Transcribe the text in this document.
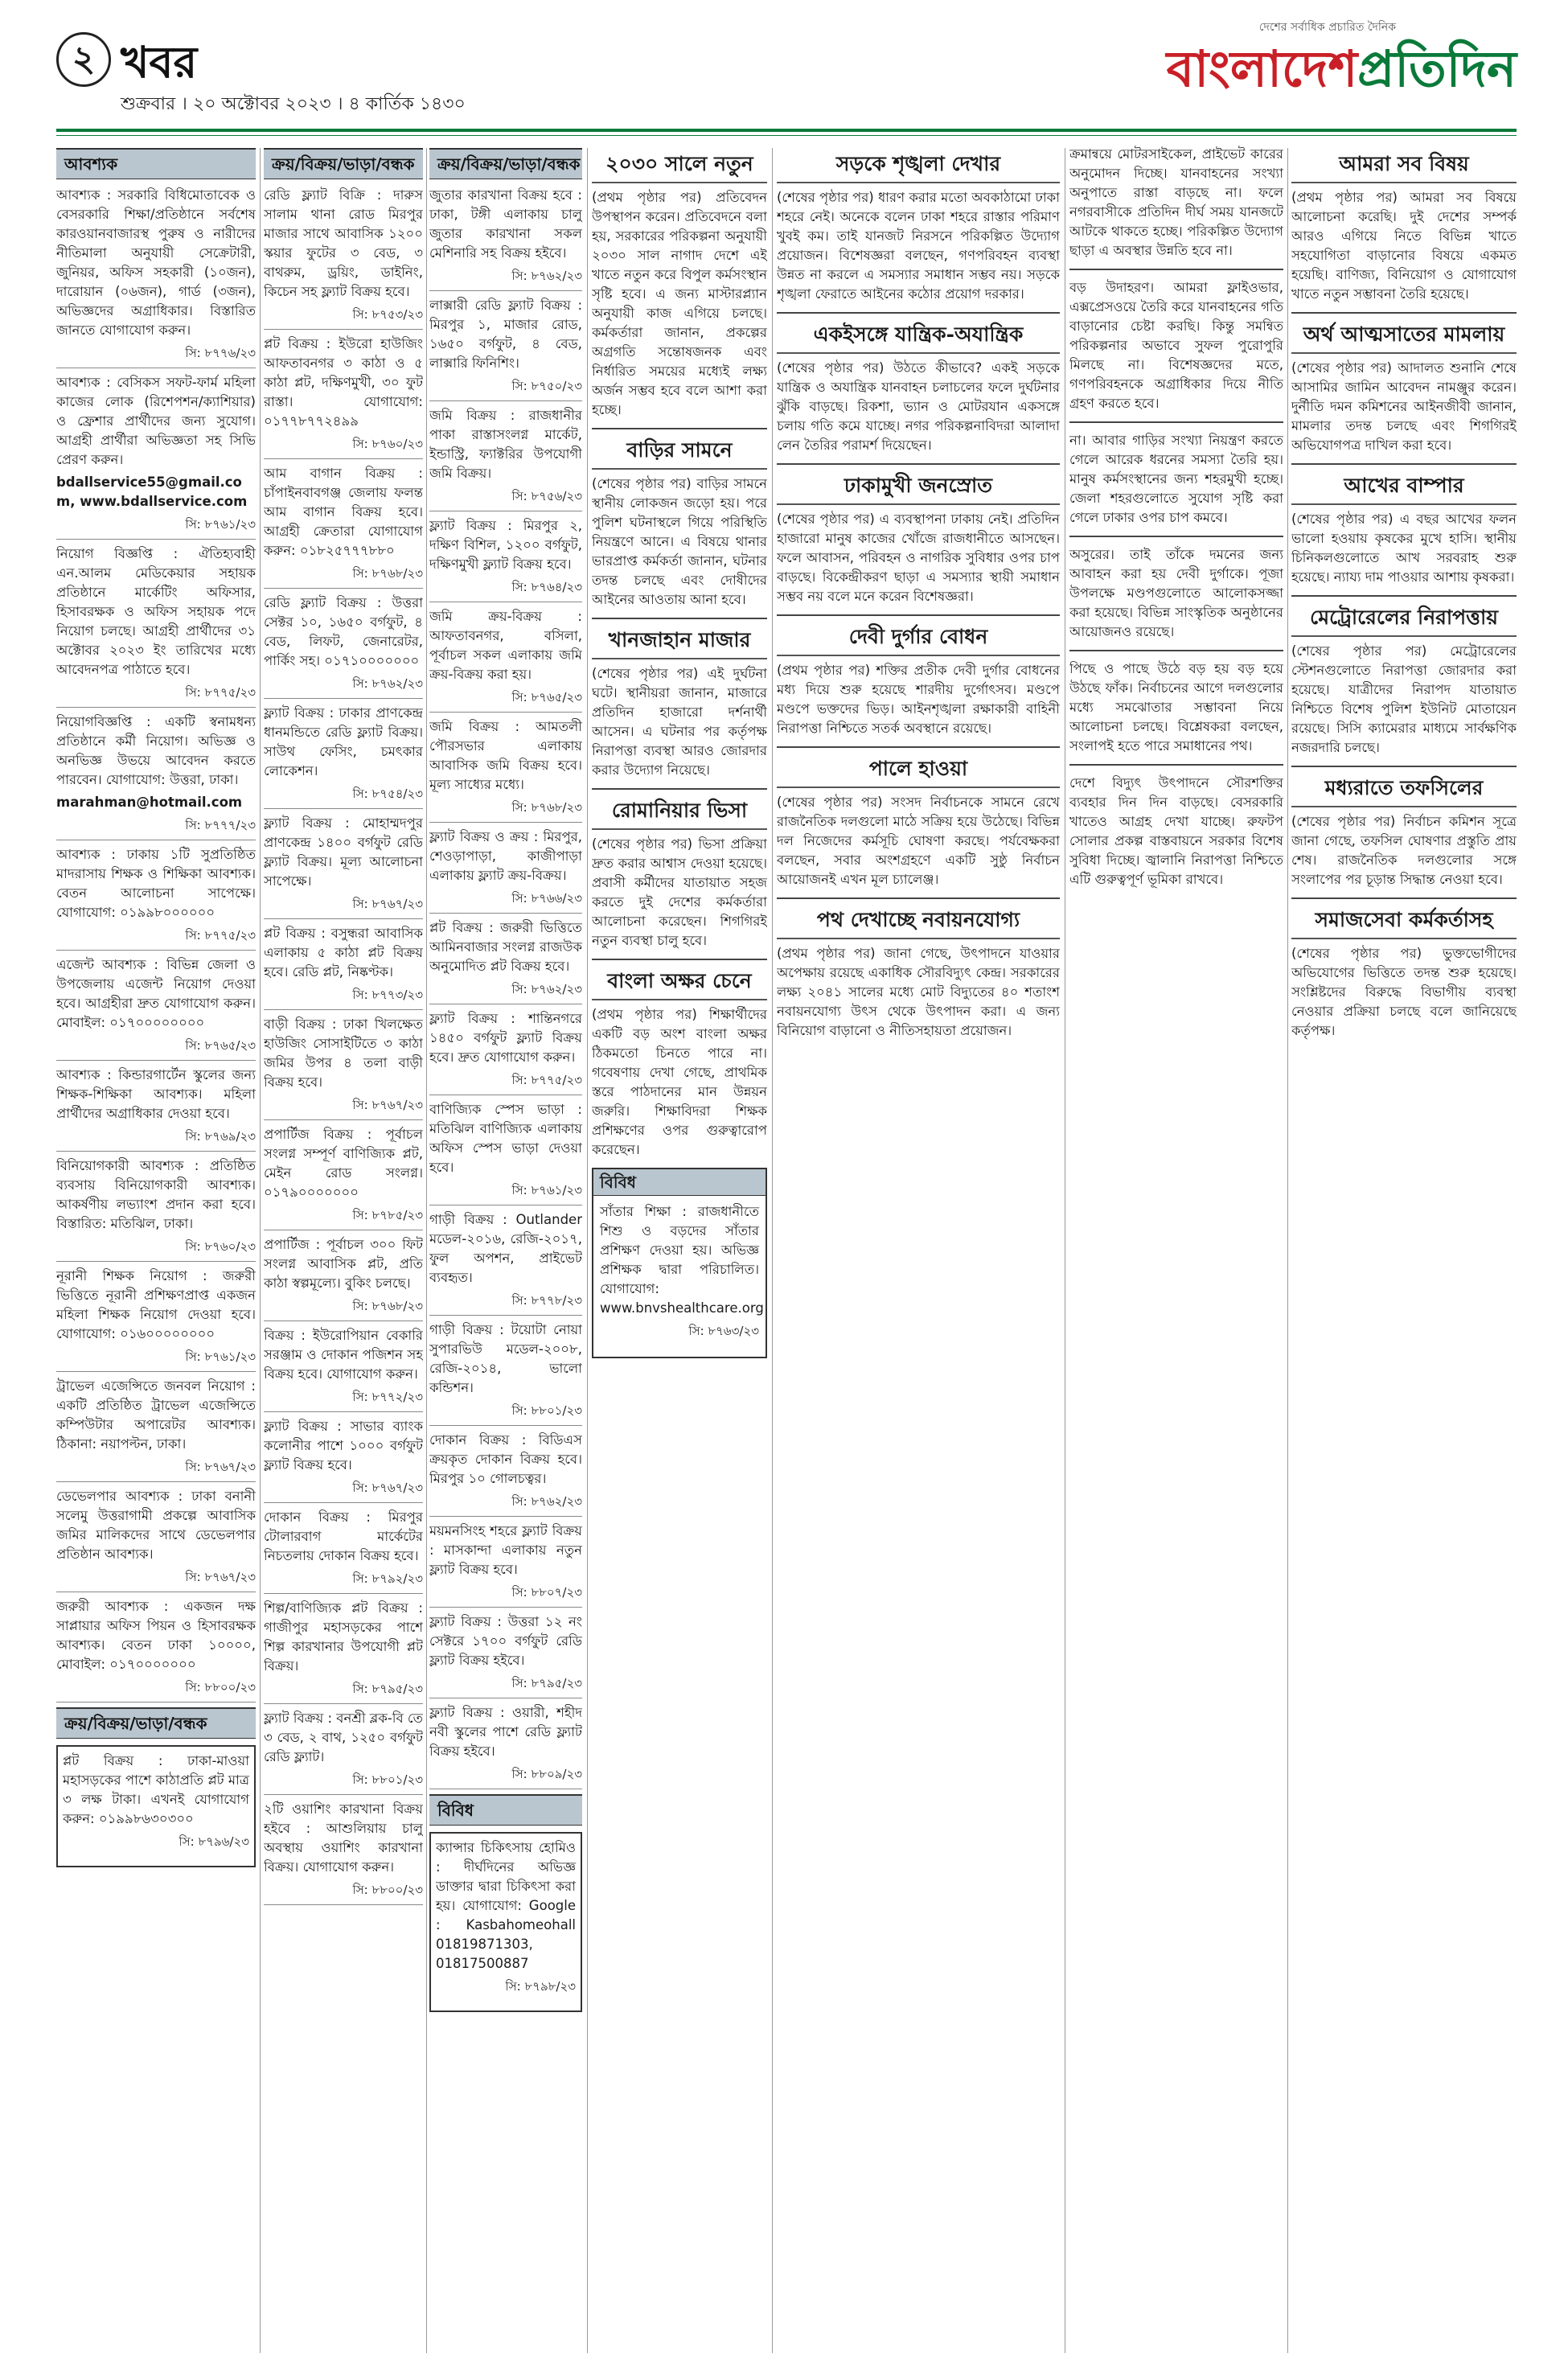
২ খবর
শুক্রবার । ২০ অক্টোবর ২০২৩ । ৪ কার্তিক ১৪৩০
দেশের সর্বাধিক প্রচারিত দৈনিক
বাংলাদেশপ্রতিদিন
আবশ্যক
আবশ্যক : সরকারি বিধিমোতাবেক ও বেসরকারি শিক্ষা/প্রতিষ্ঠানে সর্বশেষ কারওয়ানবাজারস্থ পুরুষ ও নারীদের নীতিমালা অনুযায়ী সেক্রেটারী, জুনিয়র, অফিস সহকারী (১০জন), দারোয়ান (০৬জন), গার্ড (৩জন), অভিজ্ঞদের অগ্রাধিকার। বিস্তারিত জানতে যোগাযোগ করুন।
সি: ৮৭৭৬/২৩
আবশ্যক : বেসিকস সফট-ফার্ম মহিলা কাজের লোক (রিশেপশন/ক্যাশিয়ার) ও ফ্রেশার প্রার্থীদের জন্য সুযোগ। আগ্রহী প্রার্থীরা অভিজ্ঞতা সহ সিভি প্রেরণ করুন।
bdallservice55@gmail.com, www.bdallservice.com
সি: ৮৭৬১/২৩
নিয়োগ বিজ্ঞপ্তি : ঐতিহ্যবাহী এন.আলম মেডিকেয়ার সহায়ক প্রতিষ্ঠানে মার্কেটিং অফিসার, হিসাবরক্ষক ও অফিস সহায়ক পদে নিয়োগ চলছে। আগ্রহী প্রার্থীদের ৩১ অক্টোবর ২০২৩ ইং তারিখের মধ্যে আবেদনপত্র পাঠাতে হবে।
সি: ৮৭৭৫/২৩
নিয়োগবিজ্ঞপ্তি : একটি স্বনামধন্য প্রতিষ্ঠানে কর্মী নিয়োগ। অভিজ্ঞ ও অনভিজ্ঞ উভয়ে আবেদন করতে পারবেন। যোগাযোগ: উত্তরা, ঢাকা।
marahman@hotmail.com
সি: ৮৭৭৭/২৩
আবশ্যক : ঢাকায় ১টি সুপ্রতিষ্ঠিত মাদরাসায় শিক্ষক ও শিক্ষিকা আবশ্যক। বেতন আলোচনা সাপেক্ষে। যোগাযোগ: ০১৯৯৮০০০০০০
সি: ৮৭৭৫/২৩
এজেন্ট আবশ্যক : বিভিন্ন জেলা ও উপজেলায় এজেন্ট নিয়োগ দেওয়া হবে। আগ্রহীরা দ্রুত যোগাযোগ করুন। মোবাইল: ০১৭০০০০০০০০
সি: ৮৭৬৫/২৩
আবশ্যক : কিন্ডারগার্টেন স্কুলের জন্য শিক্ষক-শিক্ষিকা আবশ্যক। মহিলা প্রার্থীদের অগ্রাধিকার দেওয়া হবে।
সি: ৮৭৬৯/২৩
বিনিয়োগকারী আবশ্যক : প্রতিষ্ঠিত ব্যবসায় বিনিয়োগকারী আবশ্যক। আকর্ষণীয় লভ্যাংশ প্রদান করা হবে। বিস্তারিত: মতিঝিল, ঢাকা।
সি: ৮৭৬০/২৩
নূরানী শিক্ষক নিয়োগ : জরুরী ভিত্তিতে নূরানী প্রশিক্ষণপ্রাপ্ত একজন মহিলা শিক্ষক নিয়োগ দেওয়া হবে। যোগাযোগ: ০১৬০০০০০০০০
সি: ৮৭৬১/২৩
ট্রাভেল এজেন্সিতে জনবল নিয়োগ : একটি প্রতিষ্ঠিত ট্রাভেল এজেন্সিতে কম্পিউটার অপারেটর আবশ্যক। ঠিকানা: নয়াপল্টন, ঢাকা।
সি: ৮৭৬৭/২৩
ডেভেলপার আবশ্যক : ঢাকা বনানী সলেমু উত্তরাগামী প্রকল্পে আবাসিক জমির মালিকদের সাথে ডেভেলপার প্রতিষ্ঠান আবশ্যক।
সি: ৮৭৬৭/২৩
জরুরী আবশ্যক : একজন দক্ষ সাপ্লায়ার অফিস পিয়ন ও হিসাবরক্ষক আবশ্যক। বেতন ঢাকা ১০০০০, মোবাইল: ০১৭০০০০০০০
সি: ৮৮০০/২৩
ক্রয়/বিক্রয়/ভাড়া/বন্ধক
প্লট বিক্রয় : ঢাকা-মাওয়া মহাসড়কের পাশে কাঠাপ্রতি প্লট মাত্র ৩ লক্ষ টাকা। এখনই যোগাযোগ করুন: ০১৯৯৮৬৩০৩০০
সি: ৮৭৯৬/২৩
ক্রয়/বিক্রয়/ভাড়া/বন্ধক
রেডি ফ্ল্যাট বিক্রি : দারুস সালাম থানা রোড মিরপুর মাজার সাথে আবাসিক ১২০০ স্কয়ার ফুটের ৩ বেড, ৩ বাথরুম, ড্রয়িং, ডাইনিং, কিচেন সহ ফ্ল্যাট বিক্রয় হবে।
সি: ৮৭৫৩/২৩
প্লট বিক্রয় : ইউরো হাউজিং আফতাবনগর ৩ কাঠা ও ৫ কাঠা প্লট, দক্ষিণমুখী, ৩০ ফুট রাস্তা। যোগাযোগ: ০১৭৭৮৭৭২৪৯৯
সি: ৮৭৬০/২৩
আম বাগান বিক্রয় : চাঁপাইনবাবগঞ্জ জেলায় ফলন্ত আম বাগান বিক্রয় হবে। আগ্রহী ক্রেতারা যোগাযোগ করুন: ০১৮২৫৭৭৭৮৮০
সি: ৮৭৬৮/২৩
রেডি ফ্ল্যাট বিক্রয় : উত্তরা সেক্টর ১০, ১৬৫০ বর্গফুট, ৪ বেড, লিফট, জেনারেটর, পার্কিং সহ। ০১৭১০০০০০০০
সি: ৮৭৬২/২৩
ফ্ল্যাট বিক্রয় : ঢাকার প্রাণকেন্দ্র ধানমন্ডিতে রেডি ফ্ল্যাট বিক্রয়। সাউথ ফেসিং, চমৎকার লোকেশন।
সি: ৮৭৫৪/২৩
ফ্ল্যাট বিক্রয় : মোহাম্মদপুর প্রাণকেন্দ্র ১৪০০ বর্গফুট রেডি ফ্ল্যাট বিক্রয়। মূল্য আলোচনা সাপেক্ষে।
সি: ৮৭৬৭/২৩
প্লট বিক্রয় : বসুন্ধরা আবাসিক এলাকায় ৫ কাঠা প্লট বিক্রয় হবে। রেডি প্লট, নিষ্কণ্টক।
সি: ৮৭৭৩/২৩
বাড়ী বিক্রয় : ঢাকা খিলক্ষেত হাউজিং সোসাইটিতে ৩ কাঠা জমির উপর ৪ তলা বাড়ী বিক্রয় হবে।
সি: ৮৭৬৭/২৩
প্রপার্টিজ বিক্রয় : পূর্বাচল সংলগ্ন সম্পূর্ণ বাণিজ্যিক প্লট, মেইন রোড সংলগ্ন। ০১৭৯০০০০০০০
সি: ৮৭৮৫/২৩
প্রপার্টিজ : পূর্বাচল ৩০০ ফিট সংলগ্ন আবাসিক প্লট, প্রতি কাঠা স্বল্পমূল্যে। বুকিং চলছে।
সি: ৮৭৬৮/২৩
বিক্রয় : ইউরোপিয়ান বেকারি সরঞ্জাম ও দোকান পজিশন সহ বিক্রয় হবে। যোগাযোগ করুন।
সি: ৮৭৭২/২৩
ফ্ল্যাট বিক্রয় : সাভার ব্যাংক কলোনীর পাশে ১০০০ বর্গফুট ফ্ল্যাট বিক্রয় হবে।
সি: ৮৭৬৭/২৩
দোকান বিক্রয় : মিরপুর টোলারবাগ মার্কেটের নিচতলায় দোকান বিক্রয় হবে।
সি: ৮৭৯২/২৩
শিল্প/বাণিজ্যিক প্লট বিক্রয় : গাজীপুর মহাসড়কের পাশে শিল্প কারখানার উপযোগী প্লট বিক্রয়।
সি: ৮৭৯৫/২৩
ফ্ল্যাট বিক্রয় : বনশ্রী ব্লক-বি তে ৩ বেড, ২ বাথ, ১২৫০ বর্গফুট রেডি ফ্ল্যাট।
সি: ৮৮০১/২৩
২টি ওয়াশিং কারখানা বিক্রয় হইবে : আশুলিয়ায় চালু অবস্থায় ওয়াশিং কারখানা বিক্রয়। যোগাযোগ করুন।
সি: ৮৮০০/২৩
ক্রয়/বিক্রয়/ভাড়া/বন্ধক
জুতার কারখানা বিক্রয় হবে : ঢাকা, টঙ্গী এলাকায় চালু জুতার কারখানা সকল মেশিনারি সহ বিক্রয় হইবে।
সি: ৮৭৬২/২৩
লাক্সারী রেডি ফ্ল্যাট বিক্রয় : মিরপুর ১, মাজার রোড, ১৬৫০ বর্গফুট, ৪ বেড, লাক্সারি ফিনিশিং।
সি: ৮৭৫০/২৩
জমি বিক্রয় : রাজধানীর পাকা রাস্তাসংলগ্ন মার্কেট, ইন্ডাস্ট্রি, ফ্যাক্টরির উপযোগী জমি বিক্রয়।
সি: ৮৭৫৬/২৩
ফ্ল্যাট বিক্রয় : মিরপুর ২, দক্ষিণ বিশিল, ১২০০ বর্গফুট, দক্ষিণমুখী ফ্ল্যাট বিক্রয় হবে।
সি: ৮৭৬৪/২৩
জমি ক্রয়-বিক্রয় : আফতাবনগর, বসিলা, পূর্বাচল সকল এলাকায় জমি ক্রয়-বিক্রয় করা হয়।
সি: ৮৭৬৫/২৩
জমি বিক্রয় : আমতলী পৌরসভার এলাকায় আবাসিক জমি বিক্রয় হবে। মূল্য সাধ্যের মধ্যে।
সি: ৮৭৬৮/২৩
ফ্ল্যাট বিক্রয় ও ক্রয় : মিরপুর, শেওড়াপাড়া, কাজীপাড়া এলাকায় ফ্ল্যাট ক্রয়-বিক্রয়।
সি: ৮৭৬৬/২৩
প্লট বিক্রয় : জরুরী ভিত্তিতে আমিনবাজার সংলগ্ন রাজউক অনুমোদিত প্লট বিক্রয় হবে।
সি: ৮৭৬২/২৩
ফ্ল্যাট বিক্রয় : শান্তিনগরে ১৪৫০ বর্গফুট ফ্ল্যাট বিক্রয় হবে। দ্রুত যোগাযোগ করুন।
সি: ৮৭৭৫/২৩
বাণিজ্যিক স্পেস ভাড়া : মতিঝিল বাণিজ্যিক এলাকায় অফিস স্পেস ভাড়া দেওয়া হবে।
সি: ৮৭৬১/২৩
গাড়ী বিক্রয় : Outlander মডেল-২০১৬, রেজি-২০১৭, ফুল অপশন, প্রাইভেট ব্যবহৃত।
সি: ৮৭৭৮/২৩
গাড়ী বিক্রয় : টয়োটা নোয়া সুপারভিউ মডেল-২০০৮, রেজি-২০১৪, ভালো কন্ডিশন।
সি: ৮৮০১/২৩
দোকান বিক্রয় : বিডিএস ক্রয়কৃত দোকান বিক্রয় হবে। মিরপুর ১০ গোলচত্বর।
সি: ৮৭৬২/২৩
ময়মনসিংহ শহরে ফ্ল্যাট বিক্রয় : মাসকান্দা এলাকায় নতুন ফ্ল্যাট বিক্রয় হবে।
সি: ৮৮০৭/২৩
ফ্ল্যাট বিক্রয় : উত্তরা ১২ নং সেক্টরে ১৭০০ বর্গফুট রেডি ফ্ল্যাট বিক্রয় হইবে।
সি: ৮৭৯৫/২৩
ফ্ল্যাট বিক্রয় : ওয়ারী, শহীদ নবী স্কুলের পাশে রেডি ফ্ল্যাট বিক্রয় হইবে।
সি: ৮৮০৯/২৩
বিবিধ
ক্যান্সার চিকিৎসায় হোমিও : দীর্ঘদিনের অভিজ্ঞ ডাক্তার দ্বারা চিকিৎসা করা হয়। যোগাযোগ: Google : Kasbahomeohall 01819871303, 01817500887
সি: ৮৭৯৮/২৩
২০৩০ সালে নতুন
(প্রথম পৃষ্ঠার পর) প্রতিবেদন উপস্থাপন করেন। প্রতিবেদনে বলা হয়, সরকারের পরিকল্পনা অনুযায়ী ২০৩০ সাল নাগাদ দেশে এই খাতে নতুন করে বিপুল কর্মসংস্থান সৃষ্টি হবে। এ জন্য মাস্টারপ্ল্যান অনুযায়ী কাজ এগিয়ে চলছে। কর্মকর্তারা জানান, প্রকল্পের অগ্রগতি সন্তোষজনক এবং নির্ধারিত সময়ের মধ্যেই লক্ষ্য অর্জন সম্ভব হবে বলে আশা করা হচ্ছে।
বাড়ির সামনে
(শেষের পৃষ্ঠার পর) বাড়ির সামনে স্থানীয় লোকজন জড়ো হয়। পরে পুলিশ ঘটনাস্থলে গিয়ে পরিস্থিতি নিয়ন্ত্রণে আনে। এ বিষয়ে থানার ভারপ্রাপ্ত কর্মকর্তা জানান, ঘটনার তদন্ত চলছে এবং দোষীদের আইনের আওতায় আনা হবে।
খানজাহান মাজার
(শেষের পৃষ্ঠার পর) এই দুর্ঘটনা ঘটে। স্থানীয়রা জানান, মাজারে প্রতিদিন হাজারো দর্শনার্থী আসেন। এ ঘটনার পর কর্তৃপক্ষ নিরাপত্তা ব্যবস্থা আরও জোরদার করার উদ্যোগ নিয়েছে।
রোমানিয়ার ভিসা
(শেষের পৃষ্ঠার পর) ভিসা প্রক্রিয়া দ্রুত করার আশ্বাস দেওয়া হয়েছে। প্রবাসী কর্মীদের যাতায়াত সহজ করতে দুই দেশের কর্মকর্তারা আলোচনা করেছেন। শিগগিরই নতুন ব্যবস্থা চালু হবে।
বাংলা অক্ষর চেনে
(প্রথম পৃষ্ঠার পর) শিক্ষার্থীদের একটি বড় অংশ বাংলা অক্ষর ঠিকমতো চিনতে পারে না। গবেষণায় দেখা গেছে, প্রাথমিক স্তরে পাঠদানের মান উন্নয়ন জরুরি। শিক্ষাবিদরা শিক্ষক প্রশিক্ষণের ওপর গুরুত্বারোপ করেছেন।
বিবিধ
সাঁতার শিক্ষা : রাজধানীতে শিশু ও বড়দের সাঁতার প্রশিক্ষণ দেওয়া হয়। অভিজ্ঞ প্রশিক্ষক দ্বারা পরিচালিত। যোগাযোগ: www.bnvshealthcare.org
সি: ৮৭৬৩/২৩
সড়কে শৃঙ্খলা দেখার
(শেষের পৃষ্ঠার পর) ধারণ করার মতো অবকাঠামো ঢাকা শহরে নেই। অনেকে বলেন ঢাকা শহরে রাস্তার পরিমাণ খুবই কম। তাই যানজট নিরসনে পরিকল্পিত উদ্যোগ প্রয়োজন। বিশেষজ্ঞরা বলছেন, গণপরিবহন ব্যবস্থা উন্নত না করলে এ সমস্যার সমাধান সম্ভব নয়। সড়কে শৃঙ্খলা ফেরাতে আইনের কঠোর প্রয়োগ দরকার।
একইসঙ্গে যান্ত্রিক-অযান্ত্রিক
(শেষের পৃষ্ঠার পর) উঠতে কীভাবে? একই সড়কে যান্ত্রিক ও অযান্ত্রিক যানবাহন চলাচলের ফলে দুর্ঘটনার ঝুঁকি বাড়ছে। রিকশা, ভ্যান ও মোটরযান একসঙ্গে চলায় গতি কমে যাচ্ছে। নগর পরিকল্পনাবিদরা আলাদা লেন তৈরির পরামর্শ দিয়েছেন।
ঢাকামুখী জনস্রোত
(শেষের পৃষ্ঠার পর) এ ব্যবস্থাপনা ঢাকায় নেই। প্রতিদিন হাজারো মানুষ কাজের খোঁজে রাজধানীতে আসছেন। ফলে আবাসন, পরিবহন ও নাগরিক সুবিধার ওপর চাপ বাড়ছে। বিকেন্দ্রীকরণ ছাড়া এ সমস্যার স্থায়ী সমাধান সম্ভব নয় বলে মনে করেন বিশেষজ্ঞরা।
দেবী দুর্গার বোধন
(প্রথম পৃষ্ঠার পর) শক্তির প্রতীক দেবী দুর্গার বোধনের মধ্য দিয়ে শুরু হয়েছে শারদীয় দুর্গোৎসব। মণ্ডপে মণ্ডপে ভক্তদের ভিড়। আইনশৃঙ্খলা রক্ষাকারী বাহিনী নিরাপত্তা নিশ্চিতে সতর্ক অবস্থানে রয়েছে।
পালে হাওয়া
(শেষের পৃষ্ঠার পর) সংসদ নির্বাচনকে সামনে রেখে রাজনৈতিক দলগুলো মাঠে সক্রিয় হয়ে উঠেছে। বিভিন্ন দল নিজেদের কর্মসূচি ঘোষণা করছে। পর্যবেক্ষকরা বলছেন, সবার অংশগ্রহণে একটি সুষ্ঠু নির্বাচন আয়োজনই এখন মূল চ্যালেঞ্জ।
পথ দেখাচ্ছে নবায়নযোগ্য
(প্রথম পৃষ্ঠার পর) জানা গেছে, উৎপাদনে যাওয়ার অপেক্ষায় রয়েছে একাধিক সৌরবিদ্যুৎ কেন্দ্র। সরকারের লক্ষ্য ২০৪১ সালের মধ্যে মোট বিদ্যুতের ৪০ শতাংশ নবায়নযোগ্য উৎস থেকে উৎপাদন করা। এ জন্য বিনিয়োগ বাড়ানো ও নীতিসহায়তা প্রয়োজন।
ক্রমান্বয়ে মোটরসাইকেল, প্রাইভেট কারের অনুমোদন দিচ্ছে। যানবাহনের সংখ্যা অনুপাতে রাস্তা বাড়ছে না। ফলে নগরবাসীকে প্রতিদিন দীর্ঘ সময় যানজটে আটকে থাকতে হচ্ছে। পরিকল্পিত উদ্যোগ ছাড়া এ অবস্থার উন্নতি হবে না।
বড় উদাহরণ। আমরা ফ্লাইওভার, এক্সপ্রেসওয়ে তৈরি করে যানবাহনের গতি বাড়ানোর চেষ্টা করছি। কিন্তু সমন্বিত পরিকল্পনার অভাবে সুফল পুরোপুরি মিলছে না। বিশেষজ্ঞদের মতে, গণপরিবহনকে অগ্রাধিকার দিয়ে নীতি গ্রহণ করতে হবে।
না। আবার গাড়ির সংখ্যা নিয়ন্ত্রণ করতে গেলে আরেক ধরনের সমস্যা তৈরি হয়। মানুষ কর্মসংস্থানের জন্য শহরমুখী হচ্ছে। জেলা শহরগুলোতে সুযোগ সৃষ্টি করা গেলে ঢাকার ওপর চাপ কমবে।
অসুরের। তাই তাঁকে দমনের জন্য আবাহন করা হয় দেবী দুর্গাকে। পূজা উপলক্ষে মণ্ডপগুলোতে আলোকসজ্জা করা হয়েছে। বিভিন্ন সাংস্কৃতিক অনুষ্ঠানের আয়োজনও রয়েছে।
পিছে ও পাছে উঠে বড় হয় বড় হয়ে উঠছে ফাঁক। নির্বাচনের আগে দলগুলোর মধ্যে সমঝোতার সম্ভাবনা নিয়ে আলোচনা চলছে। বিশ্লেষকরা বলছেন, সংলাপই হতে পারে সমাধানের পথ।
দেশে বিদ্যুৎ উৎপাদনে সৌরশক্তির ব্যবহার দিন দিন বাড়ছে। বেসরকারি খাতেও আগ্রহ দেখা যাচ্ছে। রুফটপ সোলার প্রকল্প বাস্তবায়নে সরকার বিশেষ সুবিধা দিচ্ছে। জ্বালানি নিরাপত্তা নিশ্চিতে এটি গুরুত্বপূর্ণ ভূমিকা রাখবে।
আমরা সব বিষয়
(প্রথম পৃষ্ঠার পর) আমরা সব বিষয়ে আলোচনা করেছি। দুই দেশের সম্পর্ক আরও এগিয়ে নিতে বিভিন্ন খাতে সহযোগিতা বাড়ানোর বিষয়ে একমত হয়েছি। বাণিজ্য, বিনিয়োগ ও যোগাযোগ খাতে নতুন সম্ভাবনা তৈরি হয়েছে।
অর্থ আত্মসাতের মামলায়
(শেষের পৃষ্ঠার পর) আদালত শুনানি শেষে আসামির জামিন আবেদন নামঞ্জুর করেন। দুর্নীতি দমন কমিশনের আইনজীবী জানান, মামলার তদন্ত চলছে এবং শিগগিরই অভিযোগপত্র দাখিল করা হবে।
আখের বাম্পার
(শেষের পৃষ্ঠার পর) এ বছর আখের ফলন ভালো হওয়ায় কৃষকের মুখে হাসি। স্থানীয় চিনিকলগুলোতে আখ সরবরাহ শুরু হয়েছে। ন্যায্য দাম পাওয়ার আশায় কৃষকরা।
মেট্রোরেলের নিরাপত্তায়
(শেষের পৃষ্ঠার পর) মেট্রোরেলের স্টেশনগুলোতে নিরাপত্তা জোরদার করা হয়েছে। যাত্রীদের নিরাপদ যাতায়াত নিশ্চিতে বিশেষ পুলিশ ইউনিট মোতায়েন রয়েছে। সিসি ক্যামেরার মাধ্যমে সার্বক্ষণিক নজরদারি চলছে।
মধ্যরাতে তফসিলের
(শেষের পৃষ্ঠার পর) নির্বাচন কমিশন সূত্রে জানা গেছে, তফসিল ঘোষণার প্রস্তুতি প্রায় শেষ। রাজনৈতিক দলগুলোর সঙ্গে সংলাপের পর চূড়ান্ত সিদ্ধান্ত নেওয়া হবে।
সমাজসেবা কর্মকর্তাসহ
(শেষের পৃষ্ঠার পর) ভুক্তভোগীদের অভিযোগের ভিত্তিতে তদন্ত শুরু হয়েছে। সংশ্লিষ্টদের বিরুদ্ধে বিভাগীয় ব্যবস্থা নেওয়ার প্রক্রিয়া চলছে বলে জানিয়েছে কর্তৃপক্ষ।
